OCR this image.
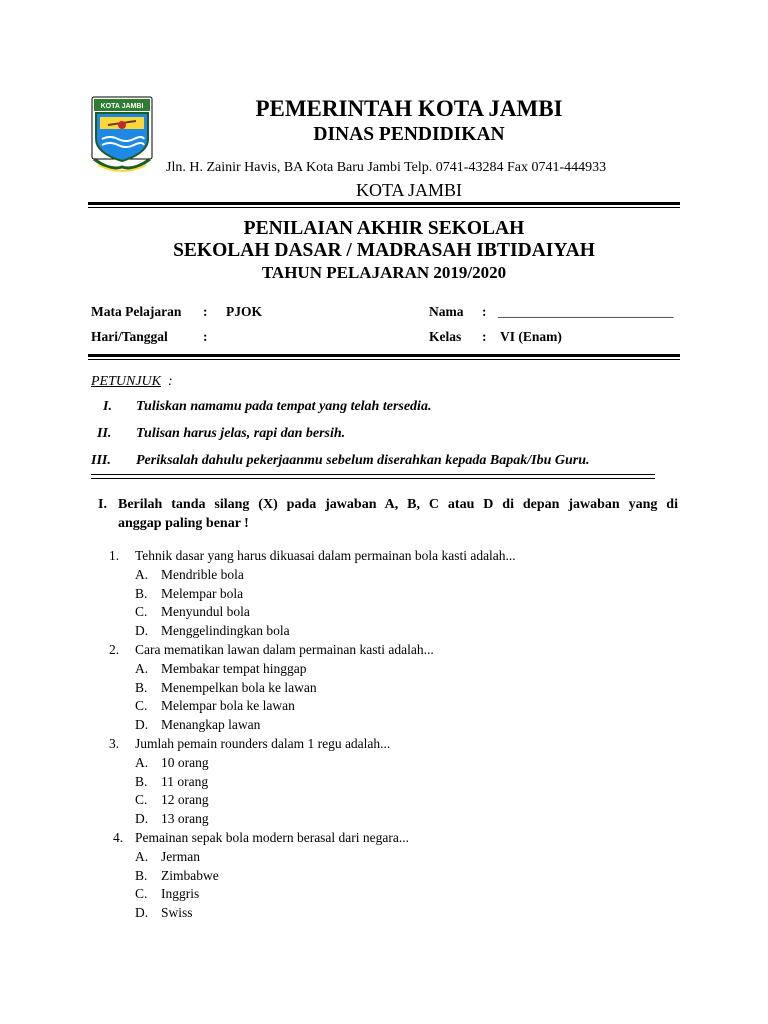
KOTA JAMBI	PEMERINTAH KOTA JAMBI
DINAS PENDIDIKAN
Jln. H. Zainir Havis, BA Kota Baru Jambi Telp. 0741-43284 Fax 0741-444933
KOTA JAMBI
PENILAIAN AKHIR SEKOLAH
SEKOLAH DASAR / MADRASAH IBTIDAIYAH
TAHUN PELAJARAN 2019/2020
Mata Pelajaran : PJOK
Hari/Tanggal	:
Nama : __________________________
Kelas : VI (Enam)
PETUNJUK :
I. Tuliskan namamu pada tempat yang telah tersedia.
II. Tulisan harus jelas, rapi dan bersih.
III. Periksalah dahulu pekerjaanmu sebelum diserahkan kepada Bapak/Ibu Guru.
I. Berilah tanda silang (X) pada jawaban A, B, C atau D di depan jawaban yang di
anggap paling benar !
1. Tehnik dasar yang harus dikuasai dalam permainan bola kasti adalah...
A. Mendrible bola
B. Melempar bola
C. Menyundul bola
D. Menggelindingkan bola
2. Cara mematikan lawan dalam permainan kasti adalah...
A. Membakar tempat hinggap
B. Menempelkan bola ke lawan
C. Melempar bola ke lawan
D. Menangkap lawan
3. Jumlah pemain rounders dalam 1 regu adalah...
A. 10 orang
B. 11 orang
C. 12 orang
D. 13 orang
4. Pemainan sepak bola modern berasal dari negara...
A. Jerman
B. Zimbabwe
C. Inggris
D. Swiss
